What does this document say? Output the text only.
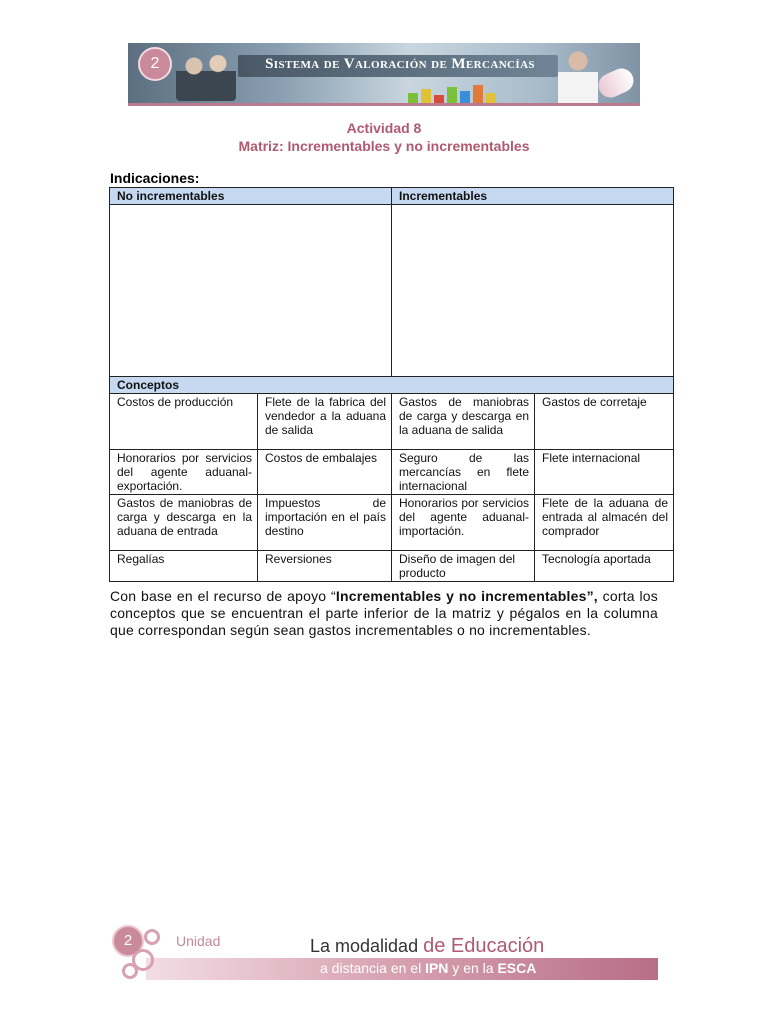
2	Sistema de Valoración de Mercancías
Actividad 8
Matriz: Incrementables y no incrementables
Indicaciones:
No incrementables		Incrementables	

Conceptos			
Costos de producción	Flete de la fabrica del vendedor a la aduana de salida	Gastos de maniobras de carga y descarga en la aduana de salida	Gastos de corretaje
Honorarios por servicios del agente aduanal- exportación.	Costos de embalajes	Seguro de las mercancías en flete internacional	Flete internacional
Gastos de maniobras de carga y descarga en la aduana de entrada	Impuestos de importación en el país destino	Honorarios por servicios del agente aduanal- importación.	Flete de la aduana de entrada al almacén del comprador
Regalías	Reversiones	Diseño de imagen del producto	Tecnología aportada
Con base en el recurso de apoyo “Incrementables y no incrementables”, corta los conceptos que se encuentran el parte inferior de la matriz y pégalos en la columna que correspondan según sean gastos incrementables o no incrementables.
2	Unidad	La modalidad de Educación
a distancia en el IPN y en la ESCA
